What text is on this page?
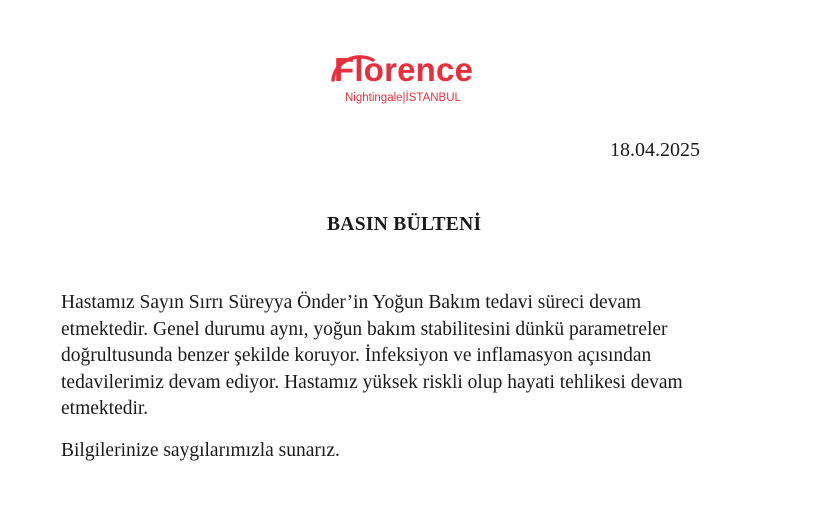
Florence
Nightingale|İSTANBUL
18.04.2025
BASIN BÜLTENİ

Hastamız Sayın Sırrı Süreyya Önder’in Yoğun Bakım tedavi süreci devam
etmektedir. Genel durumu aynı, yoğun bakım stabilitesini dünkü parametreler
doğrultusunda benzer şekilde koruyor. İnfeksiyon ve inflamasyon açısından
tedavilerimiz devam ediyor. Hastamız yüksek riskli olup hayati tehlikesi devam
etmektedir.

Bilgilerinize saygılarımızla sunarız.
